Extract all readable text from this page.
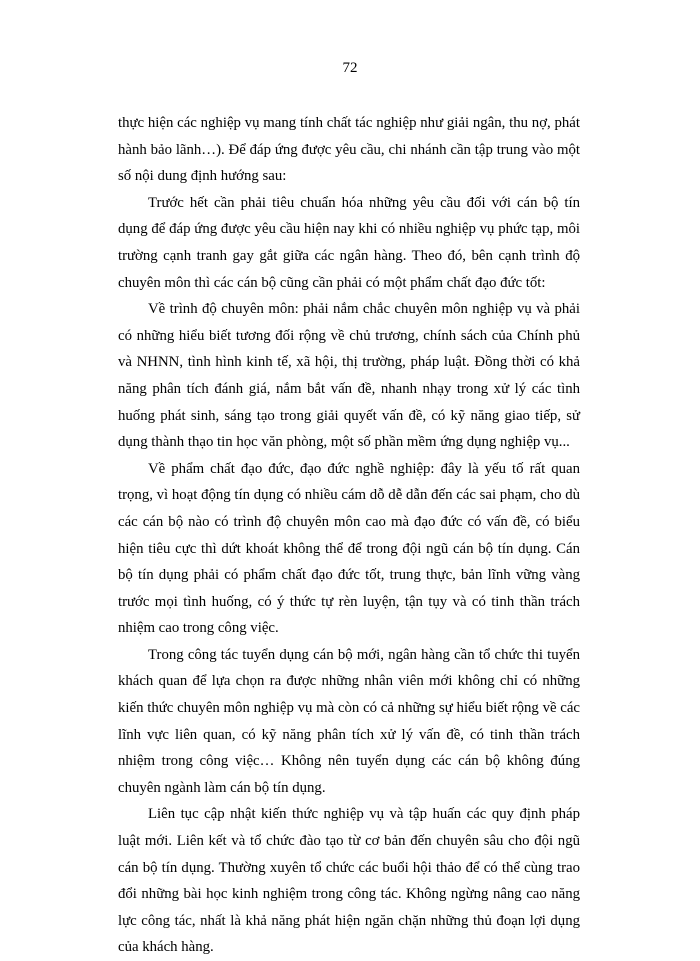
72

thực hiện các nghiệp vụ mang tính chất tác nghiệp như giải ngân, thu nợ, phát hành bảo lãnh…). Để đáp ứng được yêu cầu, chi nhánh cần tập trung vào một số nội dung định hướng sau:

Trước hết cần phải tiêu chuẩn hóa những yêu cầu đối với cán bộ tín dụng để đáp ứng được yêu cầu hiện nay khi có nhiều nghiệp vụ phức tạp, môi trường cạnh tranh gay gắt giữa các ngân hàng. Theo đó, bên cạnh trình độ chuyên môn thì các cán bộ cũng cần phải có một phẩm chất đạo đức tốt:

Về trình độ chuyên môn: phải nắm chắc chuyên môn nghiệp vụ và phải có những hiểu biết tương đối rộng về chủ trương, chính sách của Chính phủ và NHNN, tình hình kinh tế, xã hội, thị trường, pháp luật. Đồng thời có khả năng phân tích đánh giá, nắm bắt vấn đề, nhanh nhạy trong xử lý các tình huống phát sinh, sáng tạo trong giải quyết vấn đề, có kỹ năng giao tiếp, sử dụng thành thạo tin học văn phòng, một số phần mềm ứng dụng nghiệp vụ...

Về phẩm chất đạo đức, đạo đức nghề nghiệp: đây là yếu tố rất quan trọng, vì hoạt động tín dụng có nhiều cám dỗ dễ dẫn đến các sai phạm, cho dù các cán bộ nào có trình độ chuyên môn cao mà đạo đức có vấn đề, có biểu hiện tiêu cực thì dứt khoát không thể để trong đội ngũ cán bộ tín dụng. Cán bộ tín dụng phải có phẩm chất đạo đức tốt, trung thực, bản lĩnh vững vàng trước mọi tình huống, có ý thức tự rèn luyện, tận tụy và có tinh thần trách nhiệm cao trong công việc.

Trong công tác tuyển dụng cán bộ mới, ngân hàng cần tổ chức thi tuyển khách quan để lựa chọn ra được những nhân viên mới không chỉ có những kiến thức chuyên môn nghiệp vụ mà còn có cả những sự hiểu biết rộng về các lĩnh vực liên quan, có kỹ năng phân tích xử lý vấn đề, có tinh thần trách nhiệm trong công việc… Không nên tuyển dụng các cán bộ không đúng chuyên ngành làm cán bộ tín dụng.

Liên tục cập nhật kiến thức nghiệp vụ và tập huấn các quy định pháp luật mới. Liên kết và tổ chức đào tạo từ cơ bản đến chuyên sâu cho đội ngũ cán bộ tín dụng. Thường xuyên tổ chức các buổi hội thảo để có thể cùng trao đổi những bài học kinh nghiệm trong công tác. Không ngừng nâng cao năng lực công tác, nhất là khả năng phát hiện ngăn chặn những thủ đoạn lợi dụng của khách hàng.
